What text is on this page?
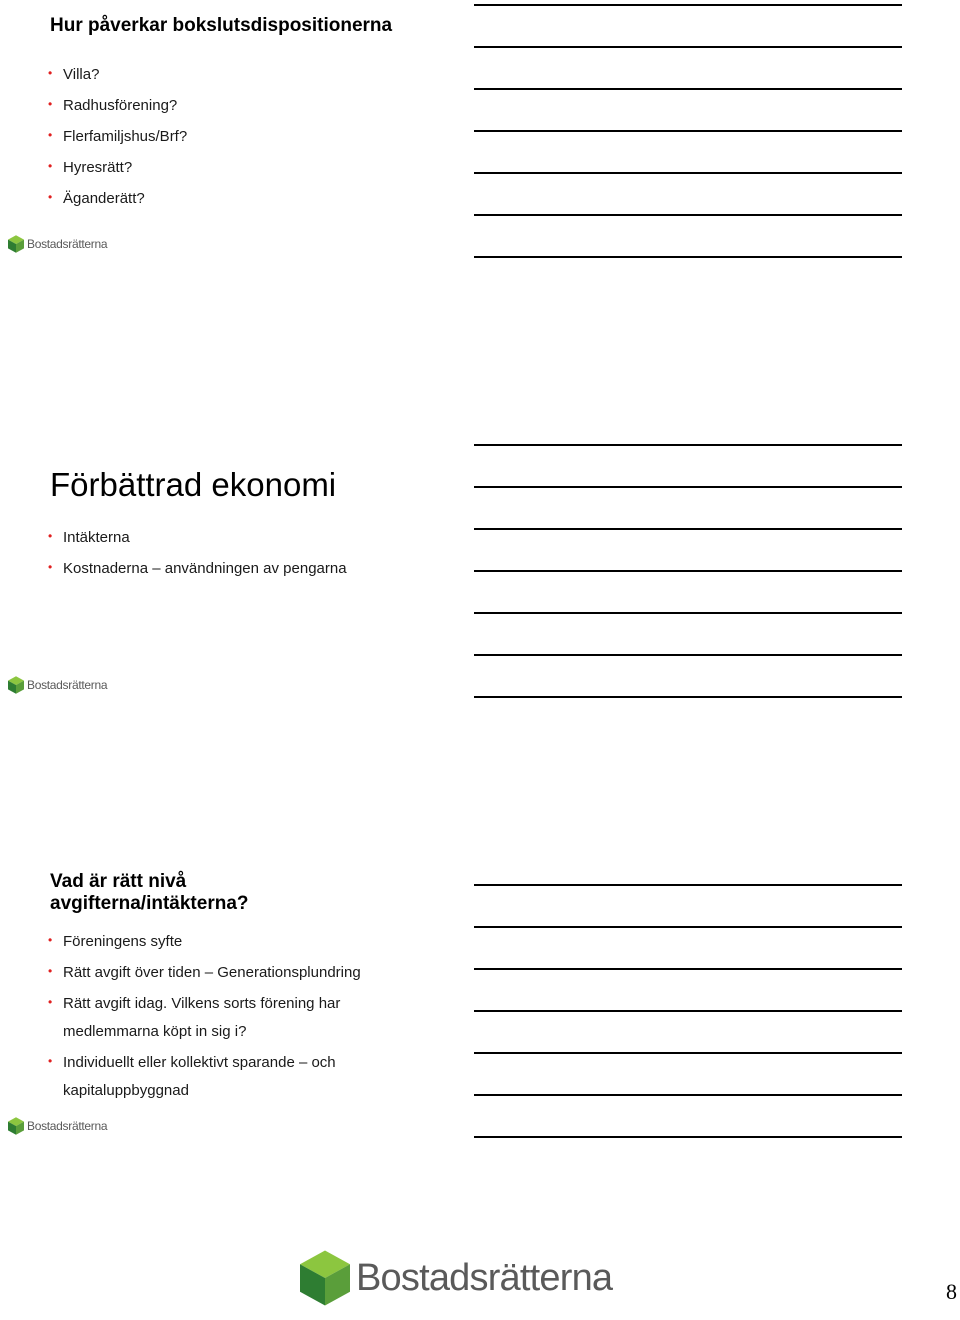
Hur påverkar bokslutsdispositionerna
• Villa?
• Radhusförening?
• Flerfamiljshus/Brf?
• Hyresrätt?
• Äganderätt?
Bostadsrätterna
Förbättrad ekonomi
• Intäkterna
• Kostnaderna – användningen av pengarna
Bostadsrätterna
Vad är rätt nivå
avgifterna/intäkterna?
• Föreningens syfte
• Rätt avgift över tiden – Generationsplundring
• Rätt avgift idag. Vilkens sorts förening har
medlemmarna köpt in sig i?
• Individuellt eller kollektivt sparande – och
kapitaluppbyggnad
Bostadsrätterna
Bostadsrätterna	8
